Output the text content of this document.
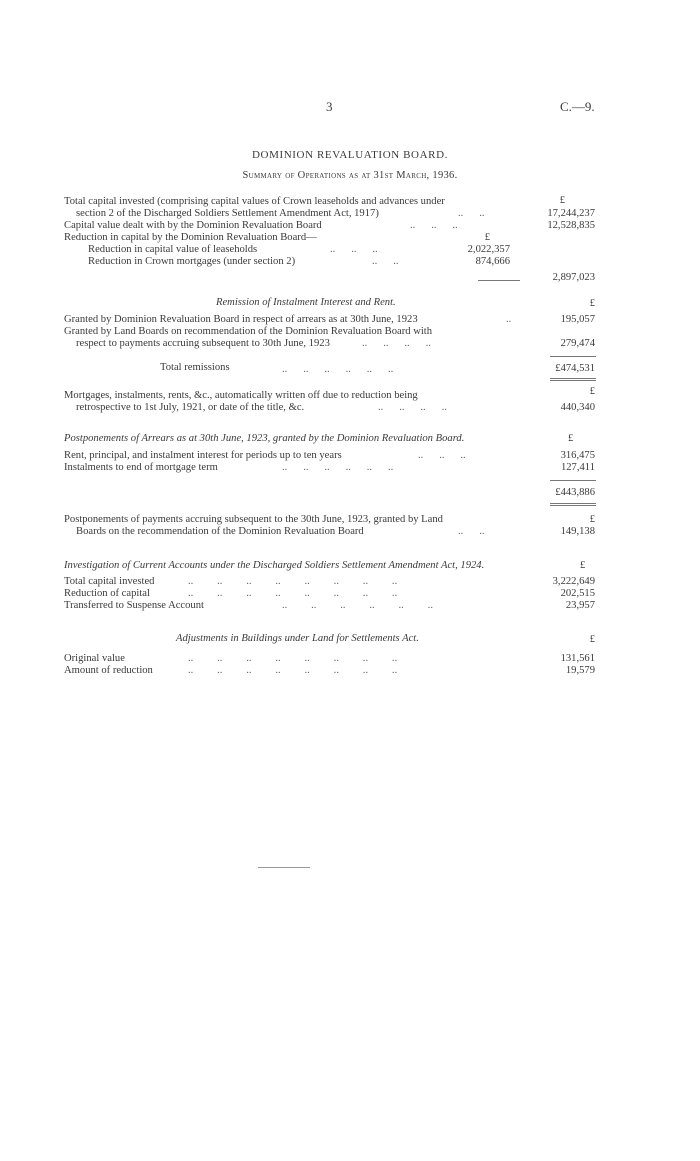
3	C.—9.
DOMINION REVALUATION BOARD.
Summary of Operations as at 31st March, 1936.
£
Total capital invested (comprising capital values of Crown leaseholds and advances under
section 2 of the Discharged Soldiers Settlement Amendment Act, 1917)	..      ..	17,244,237
Capital value dealt with by the Dominion Revaluation Board	..      ..      ..	12,528,835
Reduction in capital by the Dominion Revaluation Board—	£
Reduction in capital value of leaseholds	..      ..      ..	2,022,357
Reduction in Crown mortgages (under section 2)	..      ..	874,666
2,897,023
Remission of Instalment Interest and Rent.	£
Granted by Dominion Revaluation Board in respect of arrears as at 30th June, 1923	..	195,057
Granted by Land Boards on recommendation of the Dominion Revaluation Board with
respect to payments accruing subsequent to 30th June, 1923	..      ..      ..      ..	279,474
Total remissions	..      ..      ..      ..      ..      ..	£474,531
£
Mortgages, instalments, rents, &c., automatically written off due to reduction being
retrospective to 1st July, 1921, or date of the title, &c.	..      ..      ..      ..	440,340
Postponements of Arrears as at 30th June, 1923, granted by the Dominion Revaluation Board.	£
Rent, principal, and instalment interest for periods up to ten years	..      ..      ..	316,475
Instalments to end of mortgage term	..      ..      ..      ..      ..      ..	127,411
£443,886
Postponements of payments accruing subsequent to the 30th June, 1923, granted by Land	£
Boards on the recommendation of the Dominion Revaluation Board	..      ..	149,138
Investigation of Current Accounts under the Discharged Soldiers Settlement Amendment Act, 1924.	£
Total capital invested	..         ..         ..         ..         ..         ..         ..         ..	3,222,649
Reduction of capital	..         ..         ..         ..         ..         ..         ..         ..	202,515
Transferred to Suspense Account	..         ..         ..         ..         ..         ..	23,957
Adjustments in Buildings under Land for Settlements Act.	£
Original value	..         ..         ..         ..         ..         ..         ..         ..	131,561
Amount of reduction	..         ..         ..         ..         ..         ..         ..         ..	19,579
